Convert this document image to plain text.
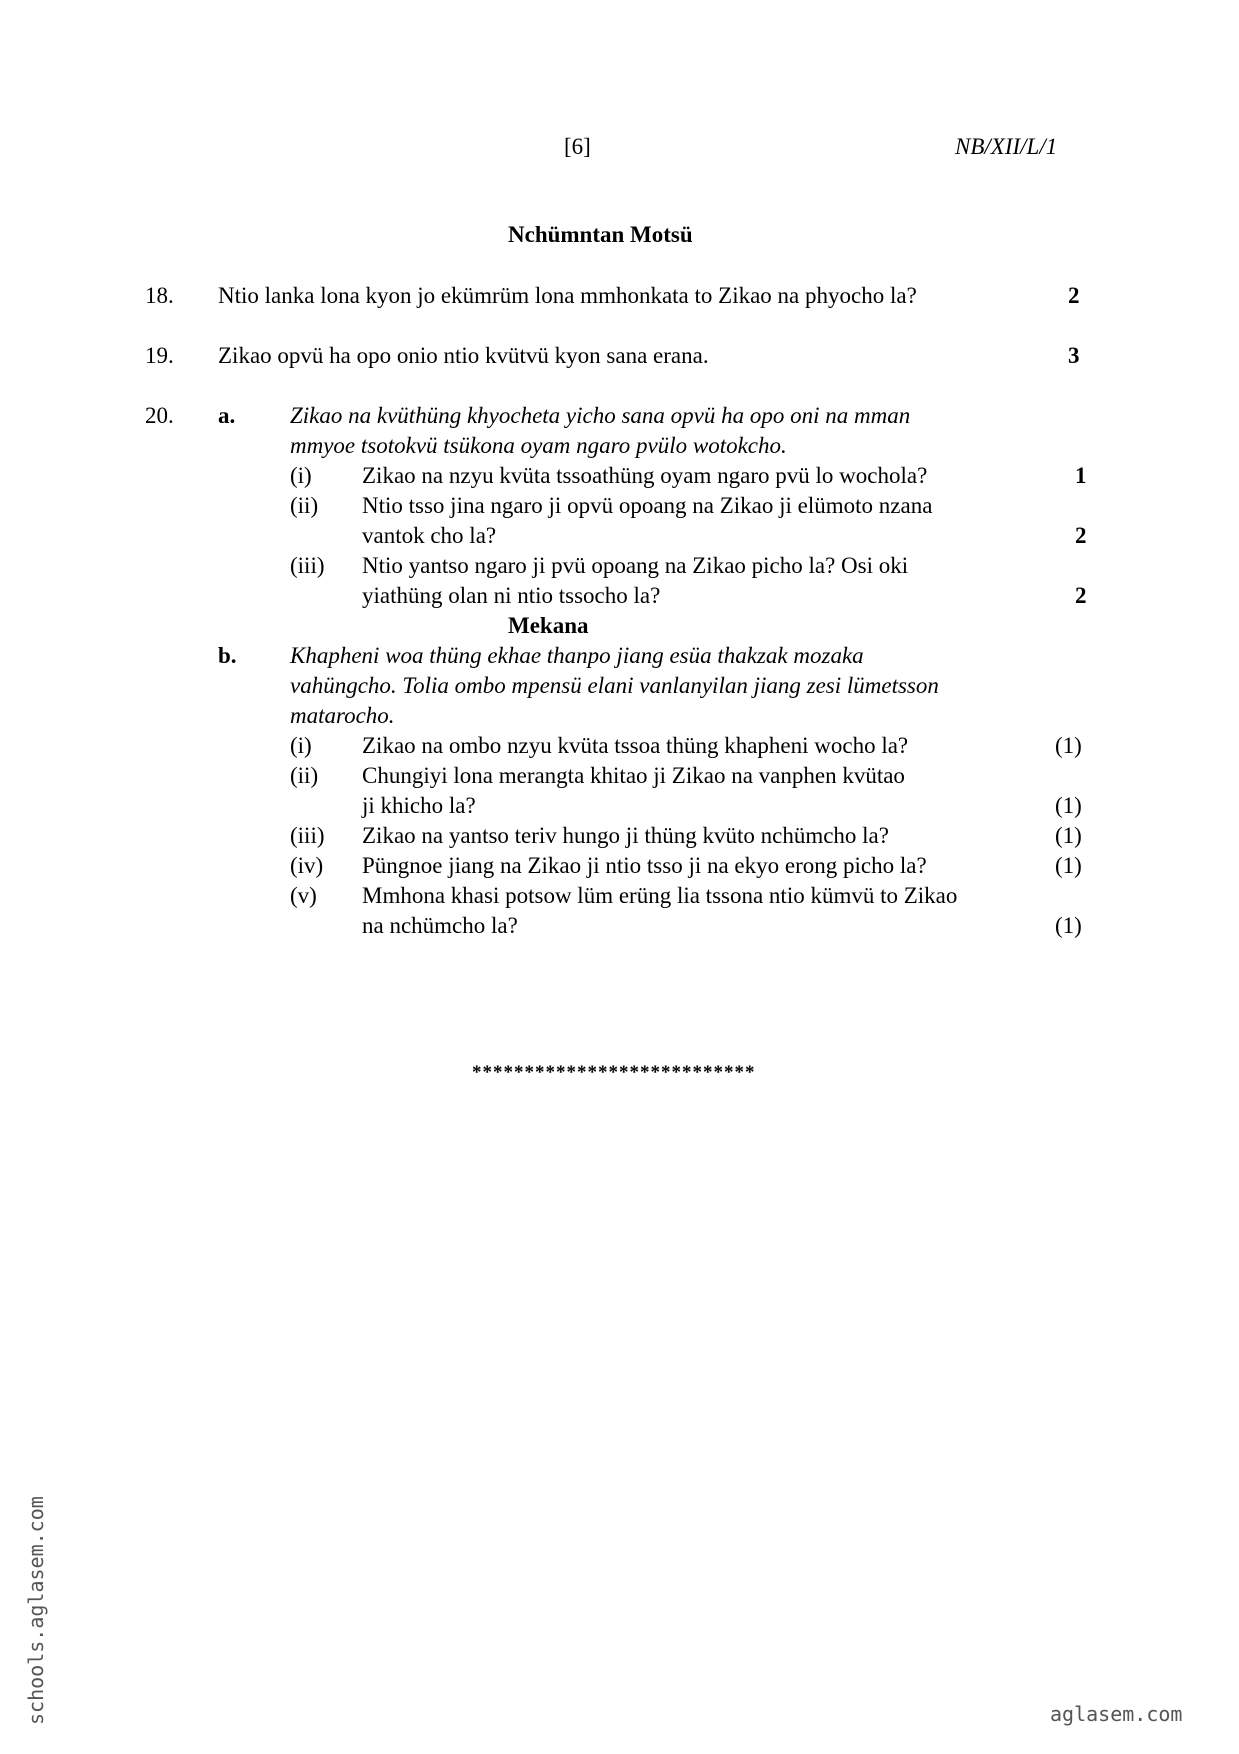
[6]	NB/XII/L/1
Nchümntan Motsü
18. Ntio lanka lona kyon jo ekümrüm lona mmhonkata to Zikao na phyocho la?	2
19. Zikao opvü ha opo onio ntio kvütvü kyon sana erana.	3
20. a. Zikao na kvüthüng khyocheta yicho sana opvü ha opo oni na mman
mmyoe tsotokvü tsükona oyam ngaro pvülo wotokcho.
(i) Zikao na nzyu kvüta tssoathüng oyam ngaro pvü lo wochola?	1
(ii) Ntio tsso jina ngaro ji opvü opoang na Zikao ji elümoto nzana
vantok cho la?	2
(iii) Ntio yantso ngaro ji pvü opoang na Zikao picho la? Osi oki
yiathüng olan ni ntio tssocho la?	2
Mekana
b. Khapheni woa thüng ekhae thanpo jiang esüa thakzak mozaka
vahüngcho. Tolia ombo mpensü elani vanlanyilan jiang zesi lümetsson
matarocho.
(i) Zikao na ombo nzyu kvüta tssoa thüng khapheni wocho la?	(1)
(ii) Chungiyi lona merangta khitao ji Zikao na vanphen kvütao
ji khicho la?	(1)
(iii) Zikao na yantso teriv hungo ji thüng kvüto nchümcho la?	(1)
(iv) Püngnoe jiang na Zikao ji ntio tsso ji na ekyo erong picho la?	(1)
(v) Mmhona khasi potsow lüm erüng lia tssona ntio kümvü to Zikao
na nchümcho la?	(1)
***************************
schools.aglasem.com	aglasem.com
